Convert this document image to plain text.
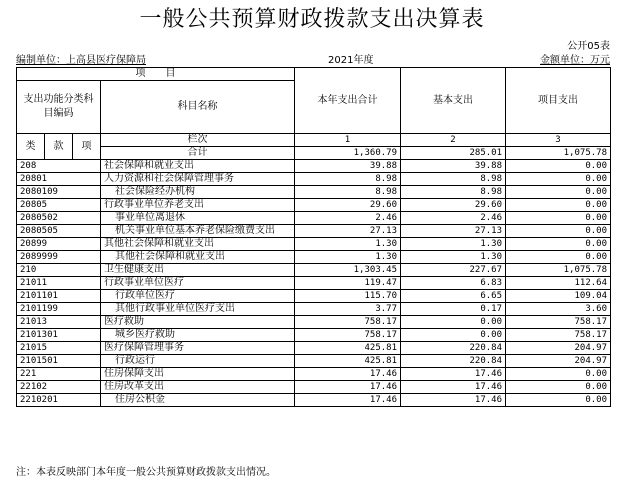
一般公共预算财政拨款支出决算表
公开05表
编制单位：上高县医疗保障局	2021年度	金额单位：万元
项　　目				本年支出合计	基本支出	项目支出
支出功能分类科目编码			科目名称			

类	款	项	栏次	1	2	3
			合计	1,360.79	285.01	1,075.78
208			社会保障和就业支出	39.88	39.88	0.00
20801			人力资源和社会保障管理事务	8.98	8.98	0.00
2080109			社会保险经办机构	8.98	8.98	0.00
20805			行政事业单位养老支出	29.60	29.60	0.00
2080502			事业单位离退休	2.46	2.46	0.00
2080505			机关事业单位基本养老保险缴费支出	27.13	27.13	0.00
20899			其他社会保障和就业支出	1.30	1.30	0.00
2089999			其他社会保障和就业支出	1.30	1.30	0.00
210			卫生健康支出	1,303.45	227.67	1,075.78
21011			行政事业单位医疗	119.47	6.83	112.64
2101101			行政单位医疗	115.70	6.65	109.04
2101199			其他行政事业单位医疗支出	3.77	0.17	3.60
21013			医疗救助	758.17	0.00	758.17
2101301			城乡医疗救助	758.17	0.00	758.17
21015			医疗保障管理事务	425.81	220.84	204.97
2101501			行政运行	425.81	220.84	204.97
221			住房保障支出	17.46	17.46	0.00
22102			住房改革支出	17.46	17.46	0.00
2210201			住房公积金	17.46	17.46	0.00
注：本表反映部门本年度一般公共预算财政拨款支出情况。
